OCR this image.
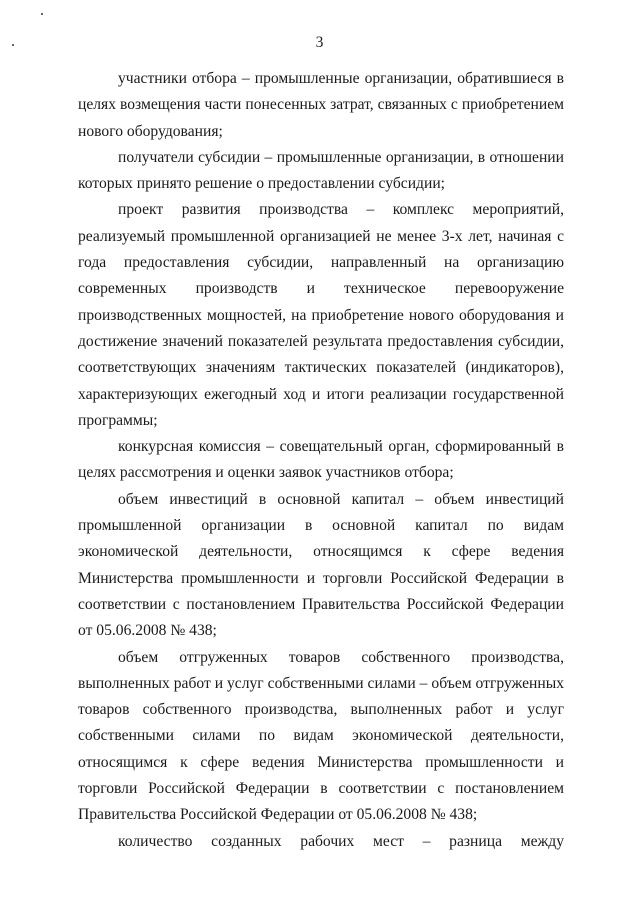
3

участники отбора – промышленные организации, обратившиеся в целях возмещения части понесенных затрат, связанных с приобретением нового оборудования;

получатели субсидии – промышленные организации, в отношении которых принято решение о предоставлении субсидии;

проект развития производства – комплекс мероприятий, реализуемый промышленной организацией не менее 3-х лет, начиная с года предоставления субсидии, направленный на организацию современных производств и техническое перевооружение производственных мощностей, на приобретение нового оборудования и достижение значений показателей результата предоставления субсидии, соответствующих значениям тактических показателей (индикаторов), характеризующих ежегодный ход и итоги реализации государственной программы;

конкурсная комиссия – совещательный орган, сформированный в целях рассмотрения и оценки заявок участников отбора;

объем инвестиций в основной капитал – объем инвестиций промышленной организации в основной капитал по видам экономической деятельности, относящимся к сфере ведения Министерства промышленности и торговли Российской Федерации в соответствии с постановлением Правительства Российской Федерации от 05.06.2008 № 438;

объем отгруженных товаров собственного производства, выполненных работ и услуг собственными силами – объем отгруженных товаров собственного производства, выполненных работ и услуг собственными силами по видам экономической деятельности, относящимся к сфере ведения Министерства промышленности и торговли Российской Федерации в соответствии с постановлением Правительства Российской Федерации от 05.06.2008 № 438;

количество созданных рабочих мест – разница между
